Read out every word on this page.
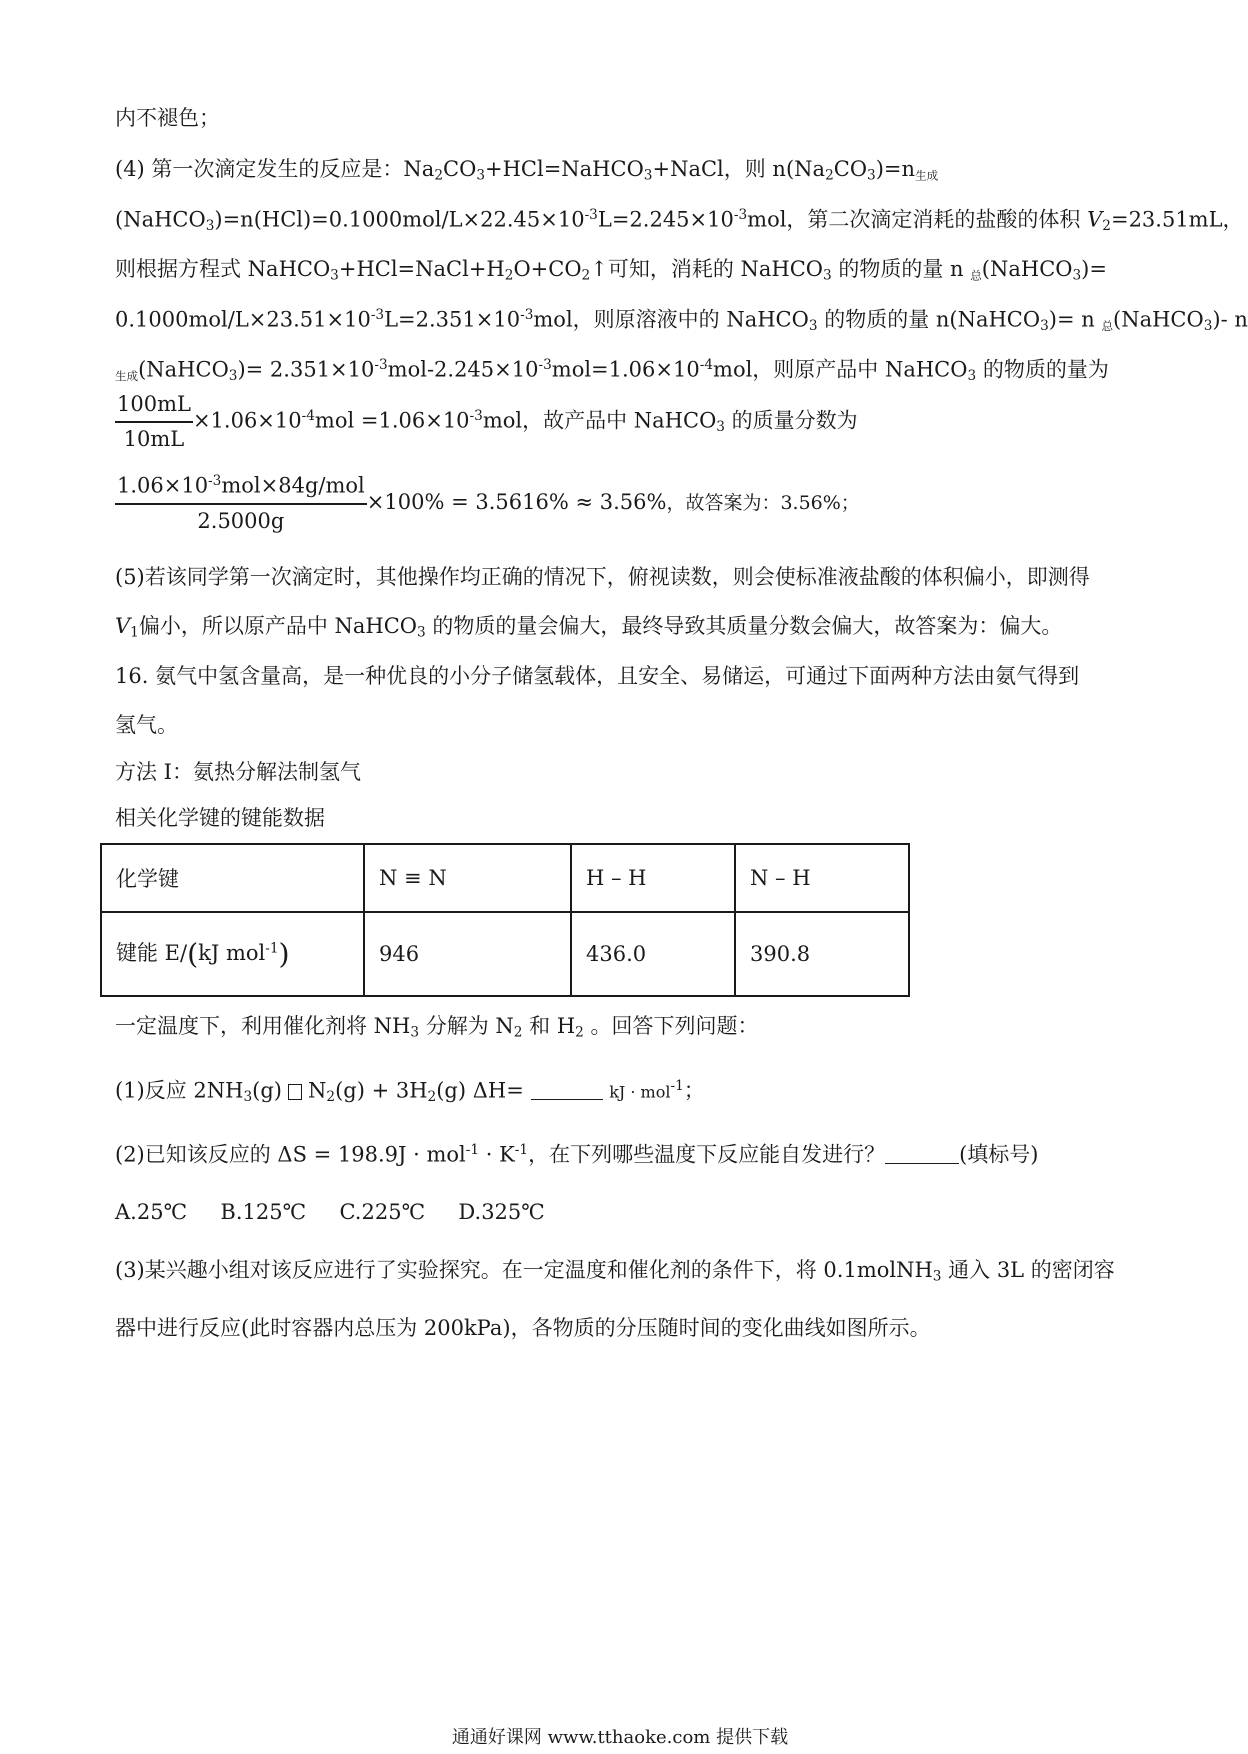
内不褪色；
(4) 第一次滴定发生的反应是：$Na_2CO_3+HCl=NaHCO_3+NaCl$，则 $n(Na_2CO_3)=n$生成
$(NaHCO_3)=n(HCl)=0.1000mol/L\times 22.45\times 10^{-3}L=2.245\times 10^{-3}mol$，第二次滴定消耗的盐酸的体积 $V_2=23.51mL$，
则根据方程式 $NaHCO_3+HCl=NaCl+H_2O+CO_2↑$可知，消耗的 NaHCO$_3$ 的物质的量 n 总(NaHCO$_3$)=
$0.1000mol/L\times 23.51\times 10^{-3}L=2.351\times 10^{-3}mol$，则原溶液中的 NaHCO$_3$ 的物质的量 n(NaHCO$_3$)= n 总(NaHCO$_3$)- n
生成(NaHCO$_3$)= $2.351\times 10^{-3}mol-2.245\times 10^{-3}mol=1.06\times 10^{-4}mol$，则原产品中 NaHCO$_3$ 的物质的量为
$\frac{100mL}{10mL} \times 1.06\times 10^{-4}mol =1.06\times 10^{-3}mol$，故产品中 NaHCO$_3$ 的质量分数为
$\frac{1.06\times 10^{-3}mol\times 84g/mol}{2.5000g} \times 100\% = 3.5616\% \approx 3.56\%$，故答案为：3.56%；
(5)若该同学第一次滴定时，其他操作均正确的情况下，俯视读数，则会使标准液盐酸的体积偏小，即测得
$V_1$偏小，所以原产品中 NaHCO$_3$ 的物质的量会偏大，最终导致其质量分数会偏大，故答案为：偏大。
16. 氨气中氢含量高，是一种优良的小分子储氢载体，且安全、易储运，可通过下面两种方法由氨气得到
氢气。
方法 I：氨热分解法制氢气
相关化学键的键能数据
化学键	N ≡ N	H – H	N – H
键能 E/(kJ mol$^{-1}$)	946	436.0	390.8
一定温度下，利用催化剂将 $NH_3$ 分解为 $N_2$ 和 $H_2$ 。回答下列问题：
(1)反应 $2NH_3(g) N_2(g) + 3H_2(g)$ ΔH=	kJ · mol$^{-1}$；
(2)已知该反应的 $\Delta S = 198.9J \cdot mol^{-1} \cdot K^{-1}$，在下列哪些温度下反应能自发进行？	(填标号)
A.25℃     B.125℃     C.225℃     D.325℃
(3)某兴趣小组对该反应进行了实验探究。在一定温度和催化剂的条件下，将 0.1molNH$_3$ 通入 3L 的密闭容
器中进行反应(此时容器内总压为 200kPa)，各物质的分压随时间的变化曲线如图所示。
通通好课网 www.tthaoke.com 提供下载
